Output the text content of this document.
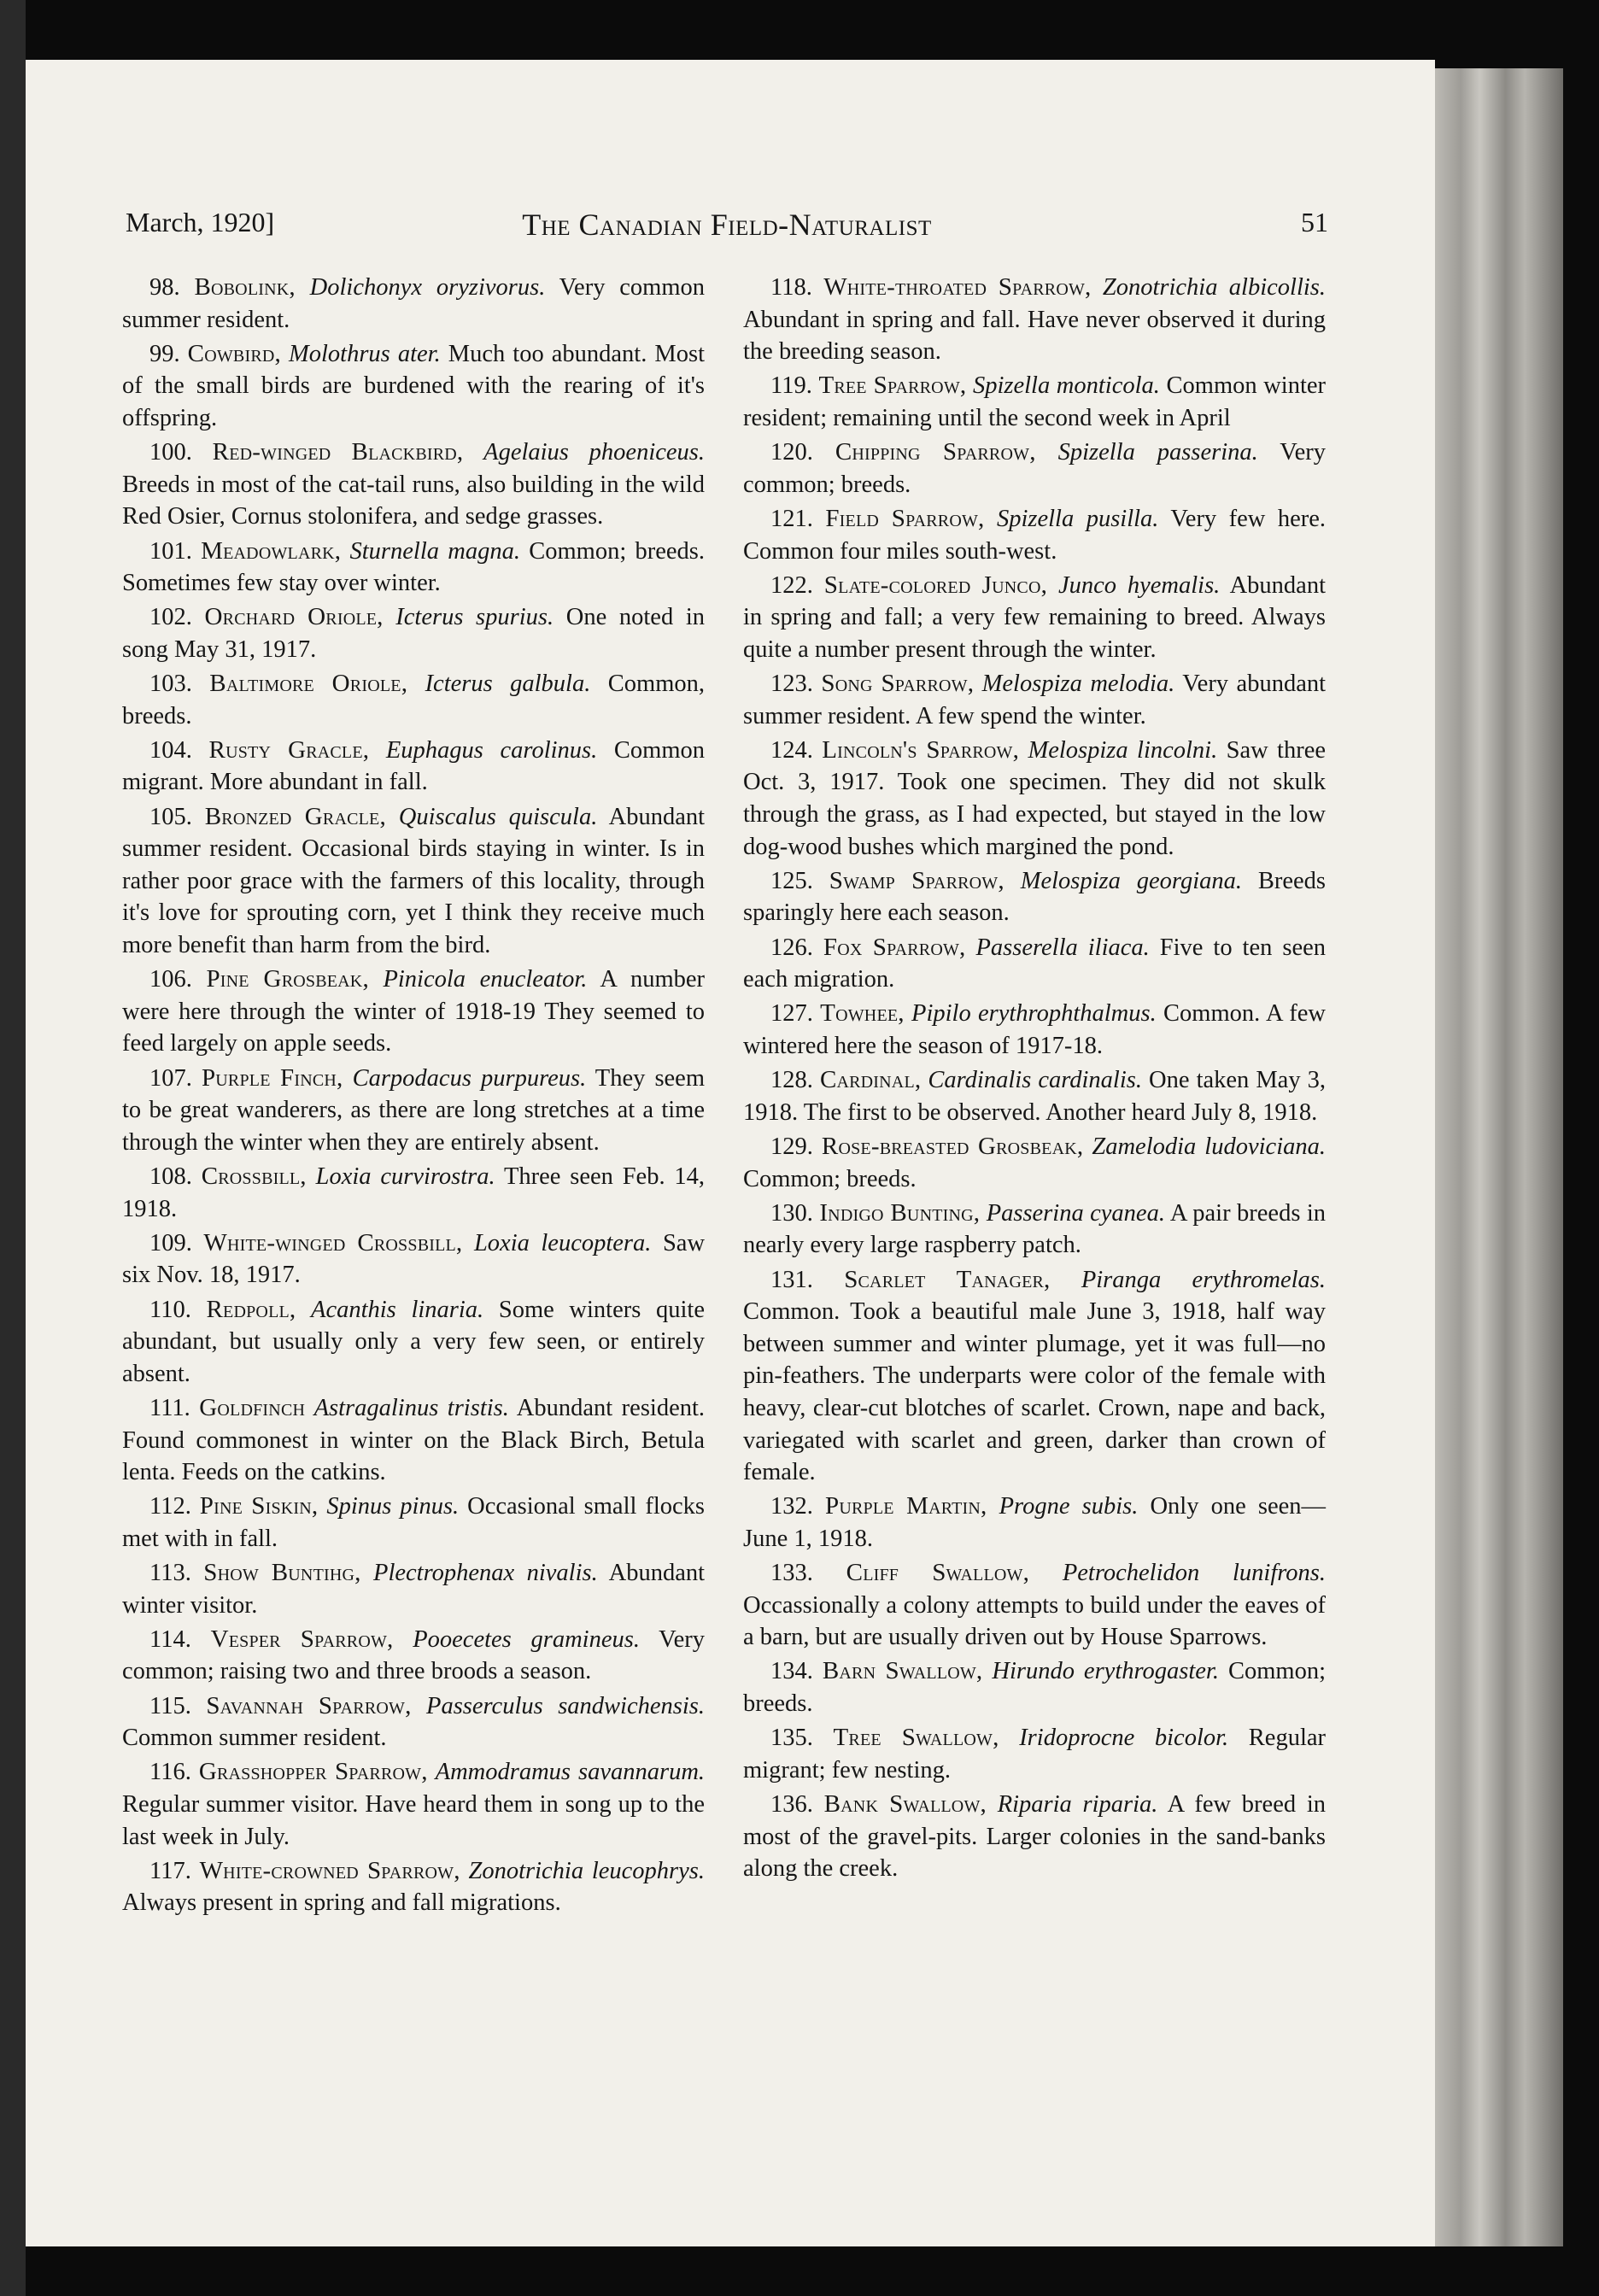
March, 1920]	The Canadian Field-Naturalist	51

98. Bobolink, Dolichonyx oryzivorus. Very common summer resident.

99. Cowbird, Molothrus ater. Much too abundant. Most of the small birds are burdened with the rearing of it's offspring.

100. Red-winged Blackbird, Agelaius phoeniceus. Breeds in most of the cat-tail runs, also building in the wild Red Osier, Cornus stolonifera, and sedge grasses.

101. Meadowlark, Sturnella magna. Common; breeds. Sometimes few stay over winter.

102. Orchard Oriole, Icterus spurius. One noted in song May 31, 1917.

103. Baltimore Oriole, Icterus galbula. Common, breeds.

104. Rusty Gracle, Euphagus carolinus. Common migrant. More abundant in fall.

105. Bronzed Gracle, Quiscalus quiscula. Abundant summer resident. Occasional birds staying in winter. Is in rather poor grace with the farmers of this locality, through it's love for sprouting corn, yet I think they receive much more benefit than harm from the bird.

106. Pine Grosbeak, Pinicola enucleator. A number were here through the winter of 1918-19 They seemed to feed largely on apple seeds.

107. Purple Finch, Carpodacus purpureus. They seem to be great wanderers, as there are long stretches at a time through the winter when they are entirely absent.

108. Crossbill, Loxia curvirostra. Three seen Feb. 14, 1918.

109. White-winged Crossbill, Loxia leucoptera. Saw six Nov. 18, 1917.

110. Redpoll, Acanthis linaria. Some winters quite abundant, but usually only a very few seen, or entirely absent.

111. Goldfinch Astragalinus tristis. Abundant resident. Found commonest in winter on the Black Birch, Betula lenta. Feeds on the catkins.

112. Pine Siskin, Spinus pinus. Occasional small flocks met with in fall.

113. Show Buntihg, Plectrophenax nivalis. Abundant winter visitor.

114. Vesper Sparrow, Pooecetes gramineus. Very common; raising two and three broods a season.

115. Savannah Sparrow, Passerculus sandwichensis. Common summer resident.

116. Grasshopper Sparrow, Ammodramus savannarum. Regular summer visitor. Have heard them in song up to the last week in July.

117. White-crowned Sparrow, Zonotrichia leucophrys. Always present in spring and fall migrations.

118. White-throated Sparrow, Zonotrichia albicollis. Abundant in spring and fall. Have never observed it during the breeding season.

119. Tree Sparrow, Spizella monticola. Common winter resident; remaining until the second week in April

120. Chipping Sparrow, Spizella passerina. Very common; breeds.

121. Field Sparrow, Spizella pusilla. Very few here. Common four miles south-west.

122. Slate-colored Junco, Junco hyemalis. Abundant in spring and fall; a very few remaining to breed. Always quite a number present through the winter.

123. Song Sparrow, Melospiza melodia. Very abundant summer resident. A few spend the winter.

124. Lincoln's Sparrow, Melospiza lincolni. Saw three Oct. 3, 1917. Took one specimen. They did not skulk through the grass, as I had expected, but stayed in the low dog-wood bushes which margined the pond.

125. Swamp Sparrow, Melospiza georgiana. Breeds sparingly here each season.

126. Fox Sparrow, Passerella iliaca. Five to ten seen each migration.

127. Towhee, Pipilo erythrophthalmus. Common. A few wintered here the season of 1917-18.

128. Cardinal, Cardinalis cardinalis. One taken May 3, 1918. The first to be observed. Another heard July 8, 1918.

129. Rose-breasted Grosbeak, Zamelodia ludoviciana. Common; breeds.

130. Indigo Bunting, Passerina cyanea. A pair breeds in nearly every large raspberry patch.

131. Scarlet Tanager, Piranga erythromelas. Common. Took a beautiful male June 3, 1918, half way between summer and winter plumage, yet it was full—no pin-feathers. The underparts were color of the female with heavy, clear-cut blotches of scarlet. Crown, nape and back, variegated with scarlet and green, darker than crown of female.

132. Purple Martin, Progne subis. Only one seen—June 1, 1918.

133. Cliff Swallow, Petrochelidon lunifrons. Occassionally a colony attempts to build under the eaves of a barn, but are usually driven out by House Sparrows.

134. Barn Swallow, Hirundo erythrogaster. Common; breeds.

135. Tree Swallow, Iridoprocne bicolor. Regular migrant; few nesting.

136. Bank Swallow, Riparia riparia. A few breed in most of the gravel-pits. Larger colonies in the sand-banks along the creek.
